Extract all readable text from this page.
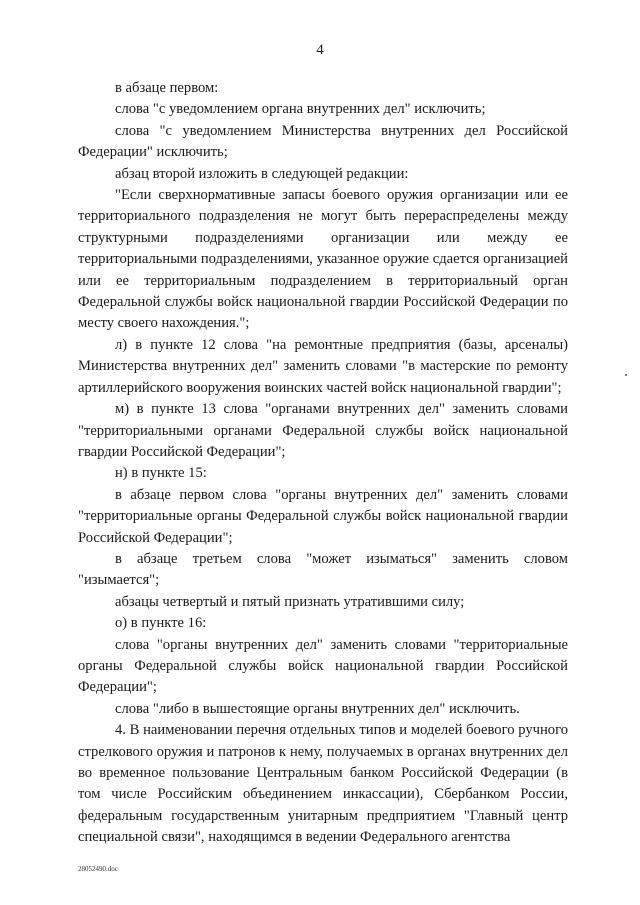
4

в абзаце первом:

слова "с уведомлением органа внутренних дел" исключить;

слова "с уведомлением Министерства внутренних дел Российской Федерации" исключить;

абзац второй изложить в следующей редакции:

"Если сверхнормативные запасы боевого оружия организации или ее территориального подразделения не могут быть перераспределены между структурными подразделениями организации или между ее территориальными подразделениями, указанное оружие сдается организацией или ее территориальным подразделением в территориальный орган Федеральной службы войск национальной гвардии Российской Федерации по месту своего нахождения.";

л) в пункте 12 слова "на ремонтные предприятия (базы, арсеналы) Министерства внутренних дел" заменить словами "в мастерские по ремонту артиллерийского вооружения воинских частей войск национальной гвардии";

м) в пункте 13 слова "органами внутренних дел" заменить словами "территориальными органами Федеральной службы войск национальной гвардии Российской Федерации";

н) в пункте 15:

в абзаце первом слова "органы внутренних дел" заменить словами "территориальные органы Федеральной службы войск национальной гвардии Российской Федерации";

в абзаце третьем слова "может изыматься" заменить словом "изымается";

абзацы четвертый и пятый признать утратившими силу;

о) в пункте 16:

слова "органы внутренних дел" заменить словами "территориальные органы Федеральной службы войск национальной гвардии Российской Федерации";

слова "либо в вышестоящие органы внутренних дел" исключить.

4. В наименовании перечня отдельных типов и моделей боевого ручного стрелкового оружия и патронов к нему, получаемых в органах внутренних дел во временное пользование Центральным банком Российской Федерации (в том числе Российским объединением инкассации), Сбербанком России, федеральным государственным унитарным предприятием "Главный центр специальной связи", находящимся в ведении Федерального агентства

28052490.doc
